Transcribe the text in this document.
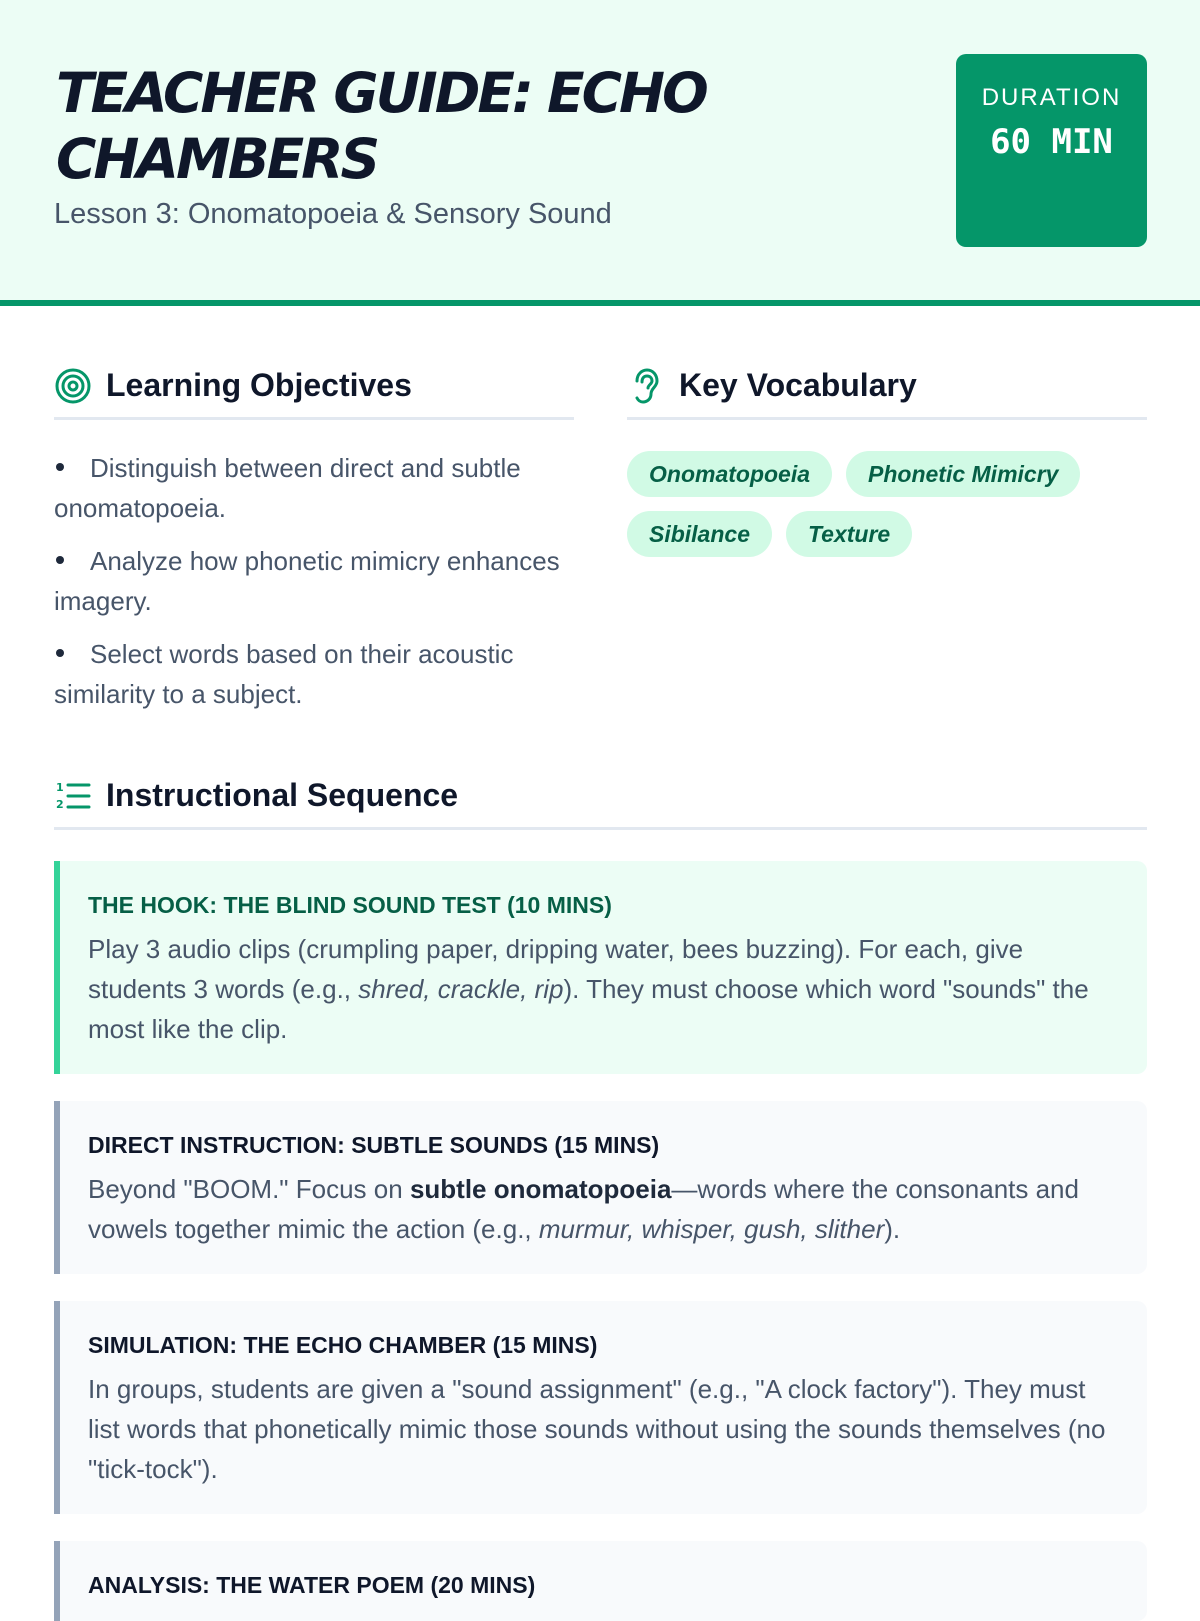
TEACHER GUIDE: ECHO CHAMBERS
Lesson 3: Onomatopoeia & Sensory Sound
DURATION
60 MIN
Learning Objectives
Distinguish between direct and subtle onomatopoeia.
Analyze how phonetic mimicry enhances imagery.
Select words based on their acoustic similarity to a subject.
Key Vocabulary
Onomatopoeia	Phonetic Mimicry
Sibilance	Texture
1
2 Instructional Sequence
THE HOOK: THE BLIND SOUND TEST (10 MINS)
Play 3 audio clips (crumpling paper, dripping water, bees buzzing). For each, give students 3 words (e.g., shred, crackle, rip). They must choose which word "sounds" the most like the clip.
DIRECT INSTRUCTION: SUBTLE SOUNDS (15 MINS)
Beyond "BOOM." Focus on subtle onomatopoeia—words where the consonants and vowels together mimic the action (e.g., murmur, whisper, gush, slither).
SIMULATION: THE ECHO CHAMBER (15 MINS)
In groups, students are given a "sound assignment" (e.g., "A clock factory"). They must list words that phonetically mimic those sounds without using the sounds themselves (no "tick-tock").
ANALYSIS: THE WATER POEM (20 MINS)
